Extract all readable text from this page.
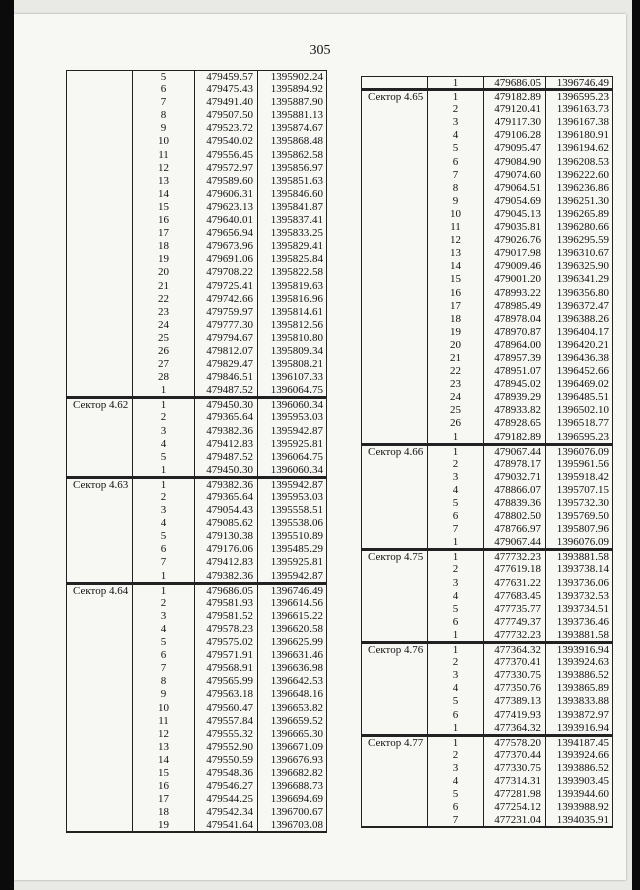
305
5	479459.57	1395902.24
6	479475.43	1395894.92
7	479491.40	1395887.90
8	479507.50	1395881.13
9	479523.72	1395874.67
10	479540.02	1395868.48
11	479556.45	1395862.58
12	479572.97	1395856.97
13	479589.60	1395851.63
14	479606.31	1395846.60
15	479623.13	1395841.87
16	479640.01	1395837.41
17	479656.94	1395833.25
18	479673.96	1395829.41
19	479691.06	1395825.84
20	479708.22	1395822.58
21	479725.41	1395819.63
22	479742.66	1395816.96
23	479759.97	1395814.61
24	479777.30	1395812.56
25	479794.67	1395810.80
26	479812.07	1395809.34
27	479829.47	1395808.21
28	479846.51	1396107.33
1	479487.52	1396064.75
Сектор 4.62	1	479450.30	1396060.34
2	479365.64	1395953.03
3	479382.36	1395942.87
4	479412.83	1395925.81
5	479487.52	1396064.75
1	479450.30	1396060.34
Сектор 4.63	1	479382.36	1395942.87
2	479365.64	1395953.03
3	479054.43	1395558.51
4	479085.62	1395538.06
5	479130.38	1395510.89
6	479176.06	1395485.29
7	479412.83	1395925.81
1	479382.36	1395942.87
Сектор 4.64	1	479686.05	1396746.49
2	479581.93	1396614.56
3	479581.52	1396615.22
4	479578.23	1396620.58
5	479575.02	1396625.99
6	479571.91	1396631.46
7	479568.91	1396636.98
8	479565.99	1396642.53
9	479563.18	1396648.16
10	479560.47	1396653.82
11	479557.84	1396659.52
12	479555.32	1396665.30
13	479552.90	1396671.09
14	479550.59	1396676.93
15	479548.36	1396682.82
16	479546.27	1396688.73
17	479544.25	1396694.69
18	479542.34	1396700.67
19	479541.64	1396703.08
1	479686.05	1396746.49
Сектор 4.65	1	479182.89	1396595.23
2	479120.41	1396163.73
3	479117.30	1396167.38
4	479106.28	1396180.91
5	479095.47	1396194.62
6	479084.90	1396208.53
7	479074.60	1396222.60
8	479064.51	1396236.86
9	479054.69	1396251.30
10	479045.13	1396265.89
11	479035.81	1396280.66
12	479026.76	1396295.59
13	479017.98	1396310.67
14	479009.46	1396325.90
15	479001.20	1396341.29
16	478993.22	1396356.80
17	478985.49	1396372.47
18	478978.04	1396388.26
19	478970.87	1396404.17
20	478964.00	1396420.21
21	478957.39	1396436.38
22	478951.07	1396452.66
23	478945.02	1396469.02
24	478939.29	1396485.51
25	478933.82	1396502.10
26	478928.65	1396518.77
1	479182.89	1396595.23
Сектор 4.66	1	479067.44	1396076.09
2	478978.17	1395961.56
3	479032.71	1395918.42
4	478866.07	1395707.15
5	478839.36	1395732.30
6	478802.50	1395769.50
7	478766.97	1395807.96
1	479067.44	1396076.09
Сектор 4.75	1	477732.23	1393881.58
2	477619.18	1393738.14
3	477631.22	1393736.06
4	477683.45	1393732.53
5	477735.77	1393734.51
6	477749.37	1393736.46
1	477732.23	1393881.58
Сектор 4.76	1	477364.32	1393916.94
2	477370.41	1393924.63
3	477330.75	1393886.52
4	477350.76	1393865.89
5	477389.13	1393833.88
6	477419.93	1393872.97
1	477364.32	1393916.94
Сектор 4.77	1	477578.20	1394187.45
2	477370.44	1393924.66
3	477330.75	1393886.52
4	477314.31	1393903.45
5	477281.98	1393944.60
6	477254.12	1393988.92
7	477231.04	1394035.91
